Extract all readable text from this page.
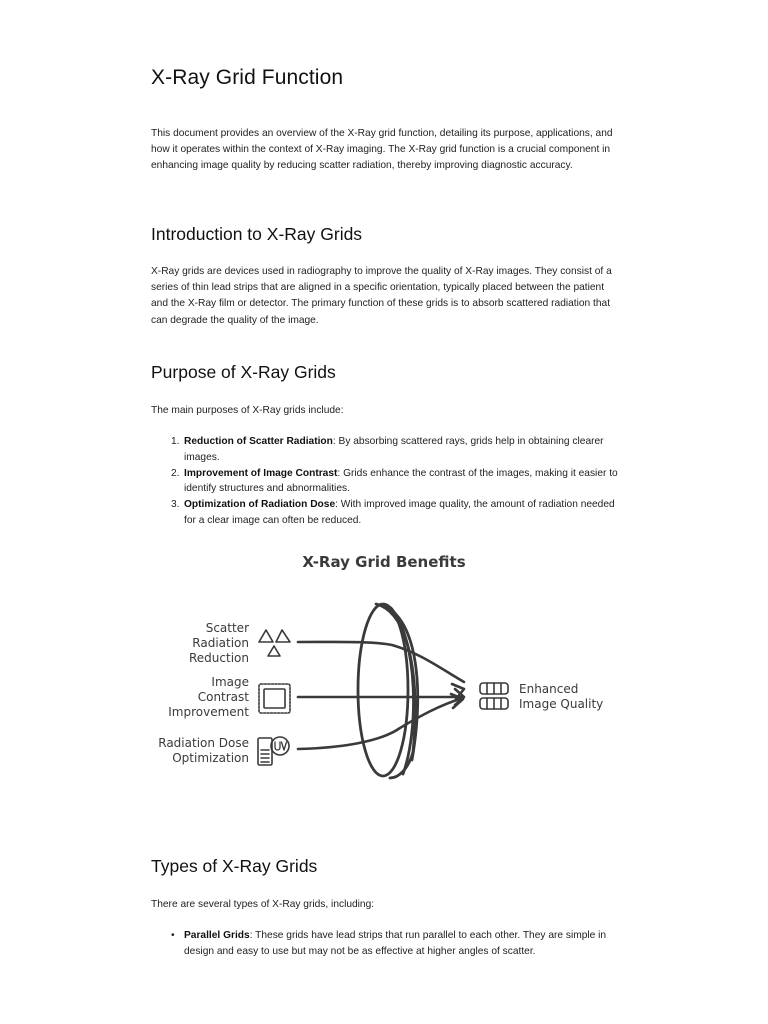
X-Ray Grid Function

This document provides an overview of the X-Ray grid function, detailing its purpose, applications, and how it operates within the context of X-Ray imaging. The X-Ray grid function is a crucial component in enhancing image quality by reducing scatter radiation, thereby improving diagnostic accuracy.

Introduction to X-Ray Grids

X-Ray grids are devices used in radiography to improve the quality of X-Ray images. They consist of a series of thin lead strips that are aligned in a specific orientation, typically placed between the patient and the X-Ray film or detector. The primary function of these grids is to absorb scattered radiation that can degrade the quality of the image.

Purpose of X-Ray Grids

The main purposes of X-Ray grids include:

1. Reduction of Scatter Radiation: By absorbing scattered rays, grids help in obtaining clearer images.
2. Improvement of Image Contrast: Grids enhance the contrast of the images, making it easier to identify structures and abnormalities.
3. Optimization of Radiation Dose: With improved image quality, the amount of radiation needed for a clear image can often be reduced.
Types of X-Ray Grids

There are several types of X-Ray grids, including:

• Parallel Grids: These grids have lead strips that run parallel to each other. They are simple in design and easy to use but may not be as effective at higher angles of scatter.
X-Ray Grid Benefits
Scatter
Radiation
Reduction
Image
Contrast
Improvement
Radiation Dose
Optimization
Enhanced
Image Quality
